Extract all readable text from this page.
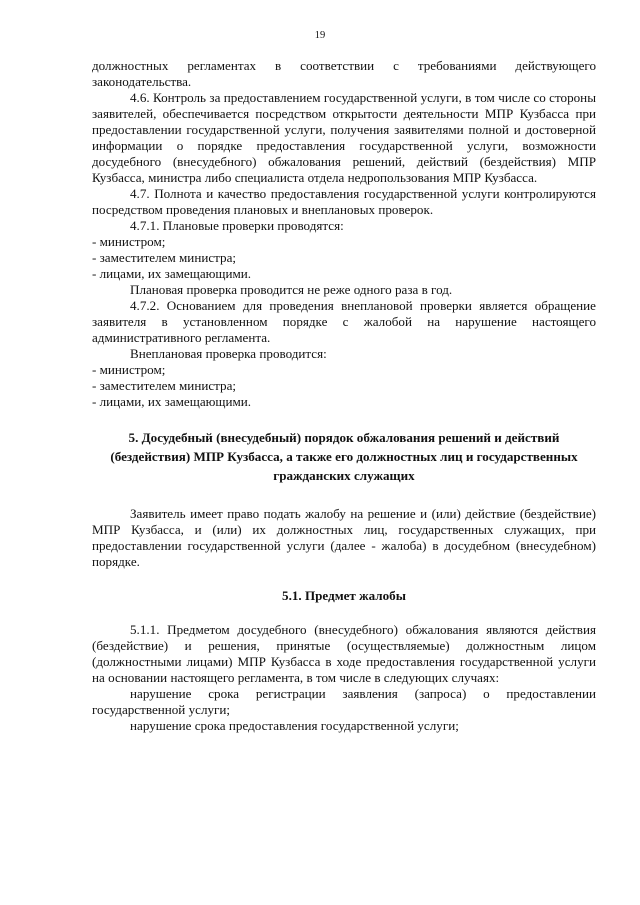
19

должностных регламентах в соответствии с требованиями действующего законодательства.

4.6. Контроль за предоставлением государственной услуги, в том числе со стороны заявителей, обеспечивается посредством открытости деятельности МПР Кузбасса при предоставлении государственной услуги, получения заявителями полной и достоверной информации о порядке предоставления государственной услуги, возможности досудебного (внесудебного) обжалования решений, действий (бездействия) МПР Кузбасса, министра либо специалиста отдела недропользования МПР Кузбасса.

4.7. Полнота и качество предоставления государственной услуги контролируются посредством проведения плановых и внеплановых проверок.

4.7.1. Плановые проверки проводятся:

- министром;

- заместителем министра;

- лицами, их замещающими.

Плановая проверка проводится не реже одного раза в год.

4.7.2. Основанием для проведения внеплановой проверки является обращение заявителя в установленном порядке с жалобой на нарушение настоящего административного регламента.

Внеплановая проверка проводится:

- министром;

- заместителем министра;

- лицами, их замещающими.

5. Досудебный (внесудебный) порядок обжалования решений и действий (бездействия) МПР Кузбасса, а также его должностных лиц и государственных гражданских служащих

Заявитель имеет право подать жалобу на решение и (или) действие (бездействие) МПР Кузбасса, и (или) их должностных лиц, государственных служащих, при предоставлении государственной услуги (далее - жалоба) в досудебном (внесудебном) порядке.

5.1. Предмет жалобы

5.1.1. Предметом досудебного (внесудебного) обжалования являются действия (бездействие) и решения, принятые (осуществляемые) должностным лицом (должностными лицами) МПР Кузбасса в ходе предоставления государственной услуги на основании настоящего регламента, в том числе в следующих случаях:

нарушение срока регистрации заявления (запроса) о предоставлении государственной услуги;

нарушение срока предоставления государственной услуги;
